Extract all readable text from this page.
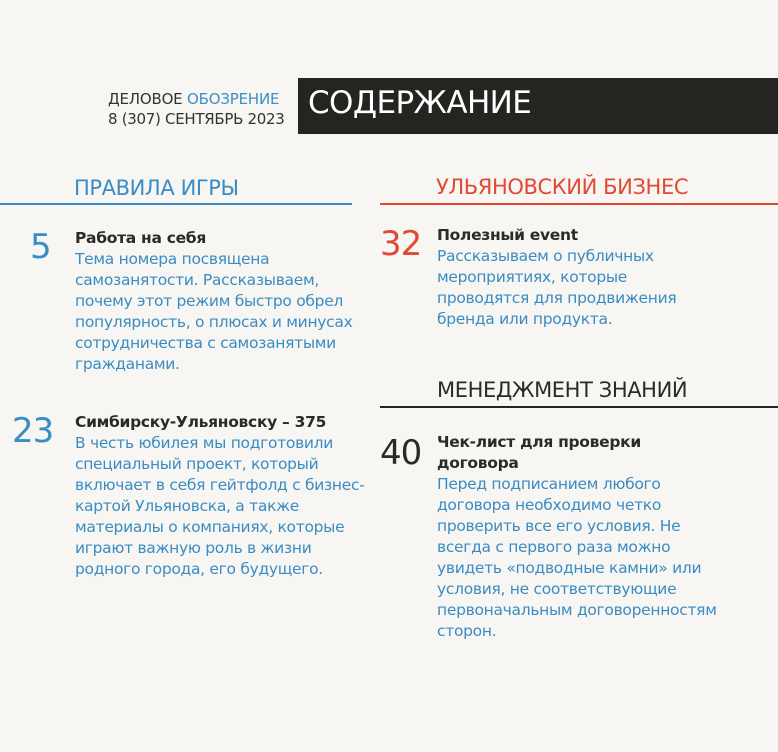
ДЕЛОВОЕ ОБОЗРЕНИЕ
8 (307) СЕНТЯБРЬ 2023 СОДЕРЖАНИЕ
ПРАВИЛА ИГРЫ
5 Работа на себя
Тема номера посвящена самозанятости. Рассказываем, почему этот режим быстро обрел популярность, о плюсах и минусах сотрудничества с самозанятыми гражданами.
23 Симбирску-Ульяновску – 375
В честь юбилея мы подготовили специальный проект, который включает в себя гейтфолд с бизнес-картой Ульяновска, а также материалы о компаниях, которые играют важную роль в жизни родного города, его будущего.
УЛЬЯНОВСКИЙ БИЗНЕС
32 Полезный event
Рассказываем о публичных мероприятиях, которые проводятся для продвижения бренда или продукта.
МЕНЕДЖМЕНТ ЗНАНИЙ
40 Чек-лист для проверки договора
Перед подписанием любого договора необходимо четко проверить все его условия. Не всегда с первого раза можно увидеть «подводные камни» или условия, не соответствующие первоначальным договоренностям сторон.
